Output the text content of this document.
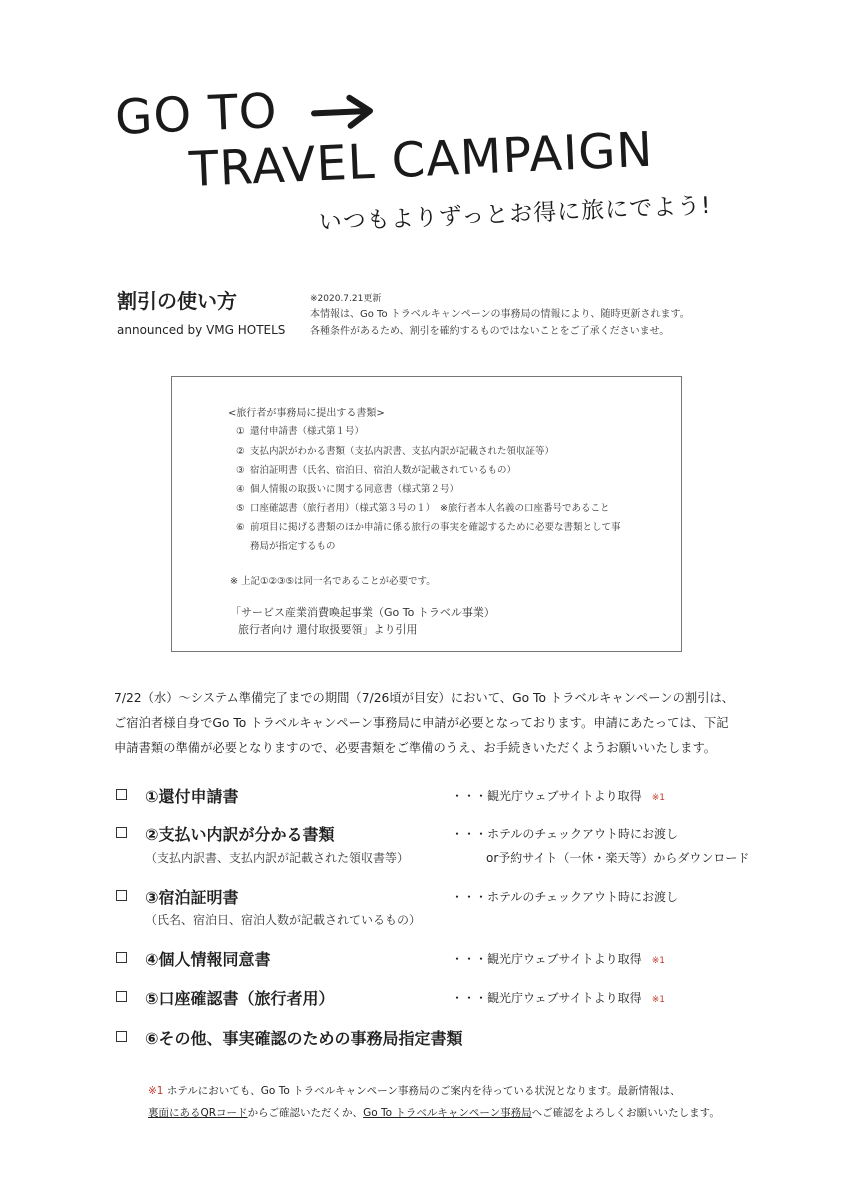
GO TO
TRAVEL CAMPAIGN
いつもよりずっとお得に旅にでよう!
割引の使い方
announced by VMG HOTELS
※2020.7.21更新
本情報は、Go To トラベルキャンペーンの事務局の情報により、随時更新されます。
各種条件があるため、割引を確約するものではないことをご了承くださいませ。
<旅行者が事務局に提出する書類>
① 還付申請書（様式第１号）
② 支払内訳がわかる書類（支払内訳書、支払内訳が記載された領収証等）
③ 宿泊証明書（氏名、宿泊日、宿泊人数が記載されているもの）
④ 個人情報の取扱いに関する同意書（様式第２号）
⑤ 口座確認書（旅行者用）（様式第３号の１）　※旅行者本人名義の口座番号であること
⑥ 前項目に掲げる書類のほか申請に係る旅行の事実を確認するために必要な書類として事
務局が指定するもの
※ 上記①②③⑤は同一名であることが必要です。
「サービス産業消費喚起事業（Go To トラベル事業）
旅行者向け 還付取扱要領」より引用
7/22（水）～システム準備完了までの期間（7/26頃が目安）において、Go To トラベルキャンペーンの割引は、
ご宿泊者様自身でGo To トラベルキャンペーン事務局に申請が必要となっております。申請にあたっては、下記
申請書類の準備が必要となりますので、必要書類をご準備のうえ、お手続きいただくようお願いいたします。
①還付申請書	・・・観光庁ウェブサイトより取得 ※1
②支払い内訳が分かる書類
（支払内訳書、支払内訳が記載された領収書等）
・・・ホテルのチェックアウト時にお渡し
or予約サイト（一休・楽天等）からダウンロード
③宿泊証明書
（氏名、宿泊日、宿泊人数が記載されているもの）
・・・ホテルのチェックアウト時にお渡し
④個人情報同意書	・・・観光庁ウェブサイトより取得 ※1
⑤口座確認書（旅行者用）	・・・観光庁ウェブサイトより取得 ※1
⑥その他、事実確認のための事務局指定書類
※1 ホテルにおいても、Go To トラベルキャンペーン事務局のご案内を待っている状況となります。最新情報は、
裏面にあるQRコードからご確認いただくか、Go To トラベルキャンペーン事務局へご確認をよろしくお願いいたします。
